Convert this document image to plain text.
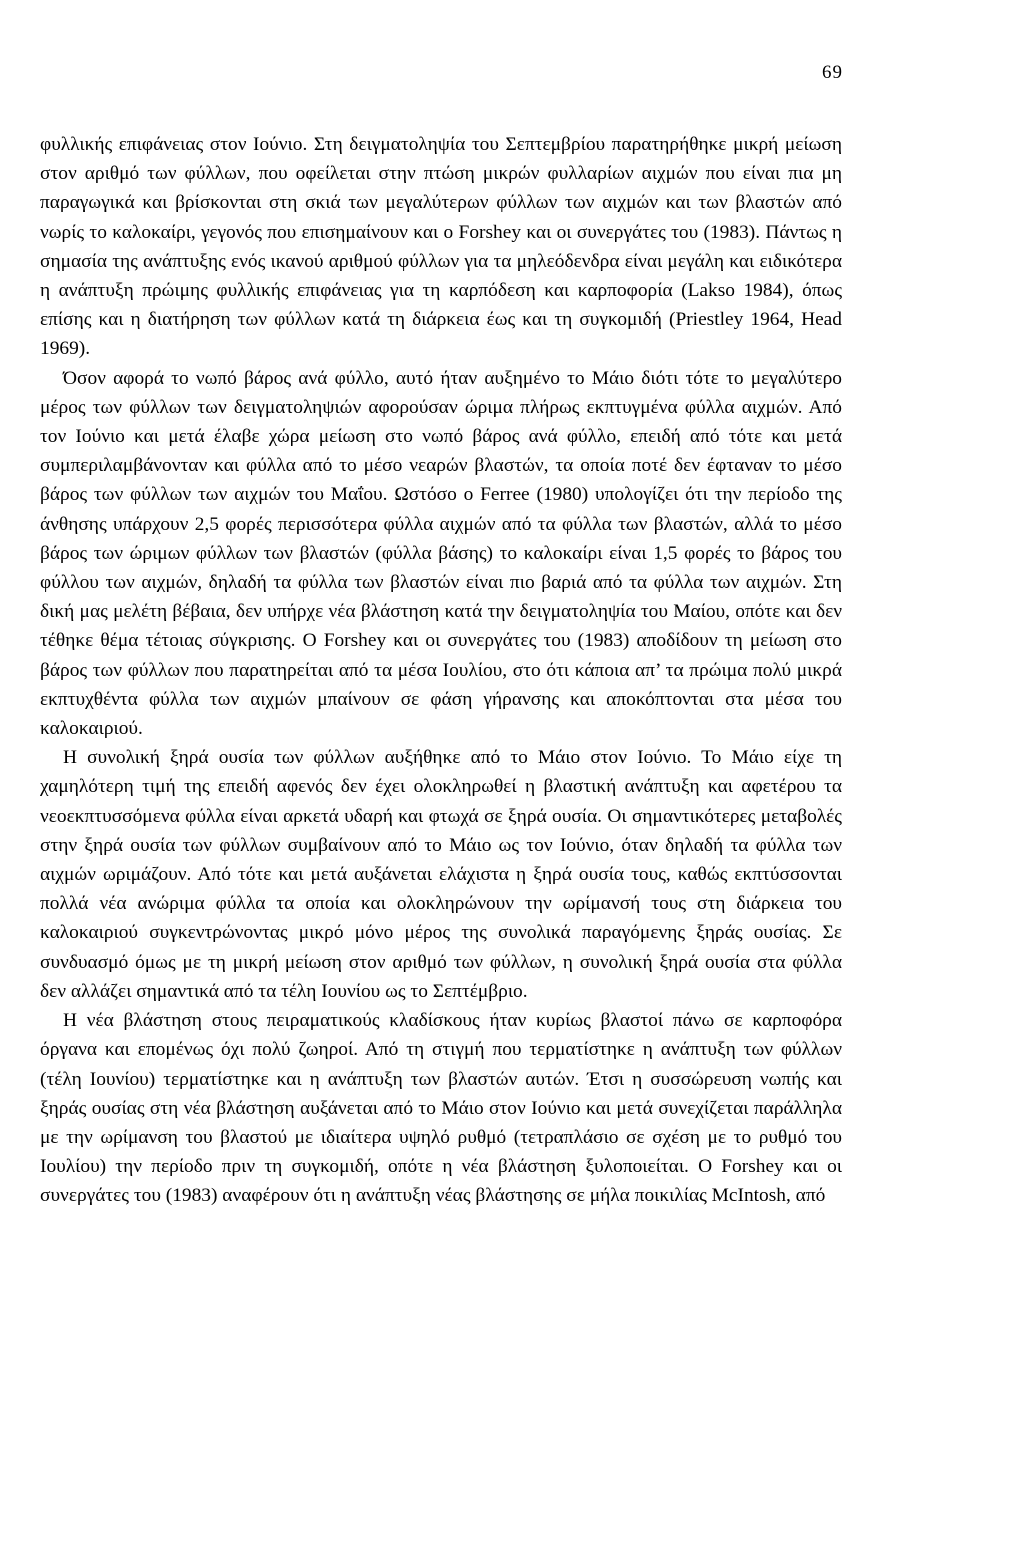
69

φυλλικής επιφάνειας στον Ιούνιο. Στη δειγματοληψία του Σεπτεμβρίου παρατηρήθηκε μικρή μείωση στον αριθμό των φύλλων, που οφείλεται στην πτώση μικρών φυλλαρίων αιχμών που είναι πια μη παραγωγικά και βρίσκονται στη σκιά των μεγαλύτερων φύλλων των αιχμών και των βλαστών από νωρίς το καλοκαίρι, γεγονός που επισημαίνουν και ο Forshey και οι συνεργάτες του (1983). Πάντως η σημασία της ανάπτυξης ενός ικανού αριθμού φύλλων για τα μηλεόδενδρα είναι μεγάλη και ειδικότερα η ανάπτυξη πρώιμης φυλλικής επιφάνειας για τη καρπόδεση και καρποφορία (Lakso 1984), όπως επίσης και η διατήρηση των φύλλων κατά τη διάρκεια έως και τη συγκομιδή (Priestley 1964, Head 1969).

Όσον αφορά το νωπό βάρος ανά φύλλο, αυτό ήταν αυξημένο το Μάιο διότι τότε το μεγαλύτερο μέρος των φύλλων των δειγματοληψιών αφορούσαν ώριμα πλήρως εκπτυγμένα φύλλα αιχμών. Από τον Ιούνιο και μετά έλαβε χώρα μείωση στο νωπό βάρος ανά φύλλο, επειδή από τότε και μετά συμπεριλαμβάνονταν και φύλλα από το μέσο νεαρών βλαστών, τα οποία ποτέ δεν έφταναν το μέσο βάρος των φύλλων των αιχμών του Μαΐου. Ωστόσο ο Ferree (1980) υπολογίζει ότι την περίοδο της άνθησης υπάρχουν 2,5 φορές περισσότερα φύλλα αιχμών από τα φύλλα των βλαστών, αλλά το μέσο βάρος των ώριμων φύλλων των βλαστών (φύλλα βάσης) το καλοκαίρι είναι 1,5 φορές το βάρος του φύλλου των αιχμών, δηλαδή τα φύλλα των βλαστών είναι πιο βαριά από τα φύλλα των αιχμών. Στη δική μας μελέτη βέβαια, δεν υπήρχε νέα βλάστηση κατά την δειγματοληψία του Μαίου, οπότε και δεν τέθηκε θέμα τέτοιας σύγκρισης. Ο Forshey και οι συνεργάτες του (1983) αποδίδουν τη μείωση στο βάρος των φύλλων που παρατηρείται από τα μέσα Ιουλίου, στο ότι κάποια απ’ τα πρώιμα πολύ μικρά εκπτυχθέντα φύλλα των αιχμών μπαίνουν σε φάση γήρανσης και αποκόπτονται στα μέσα του καλοκαιριού.

Η συνολική ξηρά ουσία των φύλλων αυξήθηκε από το Μάιο στον Ιούνιο. Το Μάιο είχε τη χαμηλότερη τιμή της επειδή αφενός δεν έχει ολοκληρωθεί η βλαστική ανάπτυξη και αφετέρου τα νεοεκπτυσσόμενα φύλλα είναι αρκετά υδαρή και φτωχά σε ξηρά ουσία. Οι σημαντικότερες μεταβολές στην ξηρά ουσία των φύλλων συμβαίνουν από το Μάιο ως τον Ιούνιο, όταν δηλαδή τα φύλλα των αιχμών ωριμάζουν. Από τότε και μετά αυξάνεται ελάχιστα η ξηρά ουσία τους, καθώς εκπτύσσονται πολλά νέα ανώριμα φύλλα τα οποία και ολοκληρώνουν την ωρίμανσή τους στη διάρκεια του καλοκαιριού συγκεντρώνοντας μικρό μόνο μέρος της συνολικά παραγόμενης ξηράς ουσίας. Σε συνδυασμό όμως με τη μικρή μείωση στον αριθμό των φύλλων, η συνολική ξηρά ουσία στα φύλλα δεν αλλάζει σημαντικά από τα τέλη Ιουνίου ως το Σεπτέμβριο.

Η νέα βλάστηση στους πειραματικούς κλαδίσκους ήταν κυρίως βλαστοί πάνω σε καρποφόρα όργανα και επομένως όχι πολύ ζωηροί. Από τη στιγμή που τερματίστηκε η ανάπτυξη των φύλλων (τέλη Ιουνίου) τερματίστηκε και η ανάπτυξη των βλαστών αυτών. Έτσι η συσσώρευση νωπής και ξηράς ουσίας στη νέα βλάστηση αυξάνεται από το Μάιο στον Ιούνιο και μετά συνεχίζεται παράλληλα με την ωρίμανση του βλαστού με ιδιαίτερα υψηλό ρυθμό (τετραπλάσιο σε σχέση με το ρυθμό του Ιουλίου) την περίοδο πριν τη συγκομιδή, οπότε η νέα βλάστηση ξυλοποιείται. Ο Forshey και οι συνεργάτες του (1983) αναφέρουν ότι η ανάπτυξη νέας βλάστησης σε μήλα ποικιλίας McIntosh, από
